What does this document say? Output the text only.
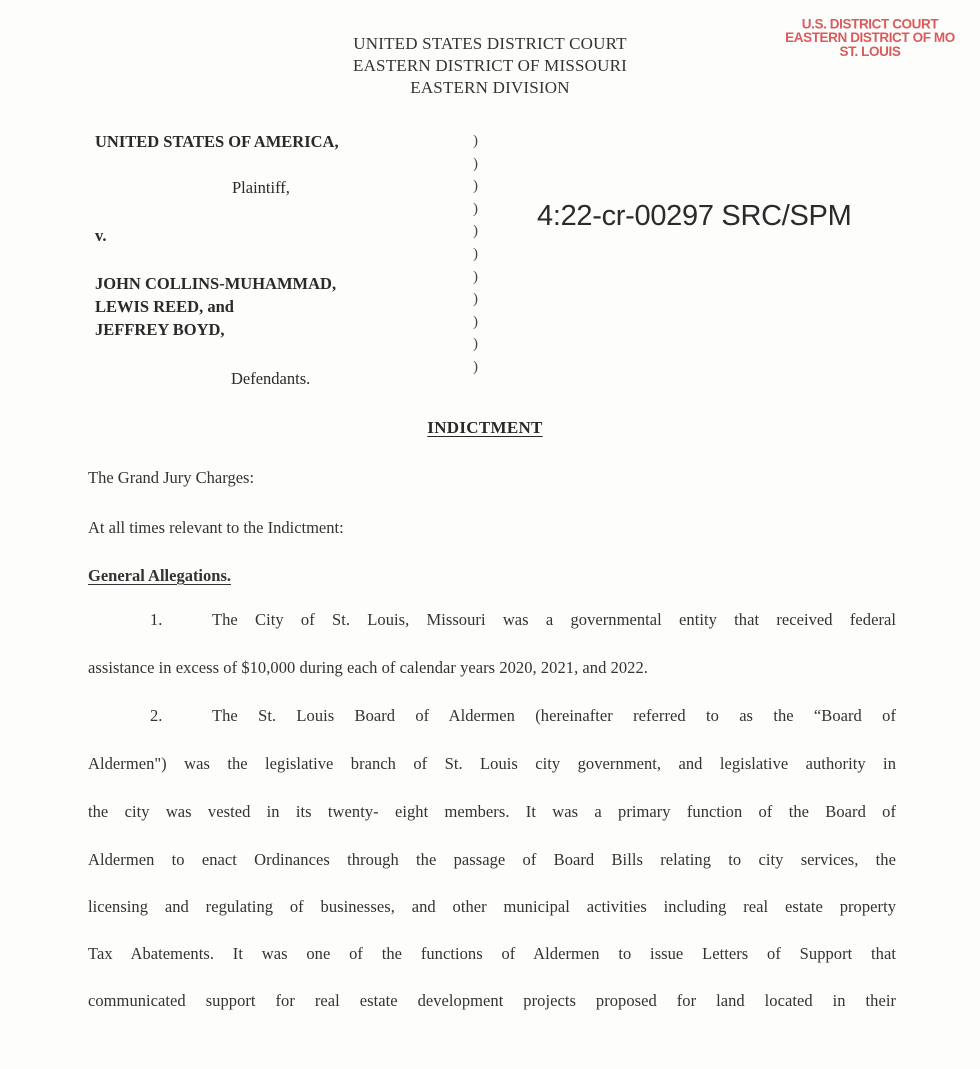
U.S. DISTRICT COURT
EASTERN DISTRICT OF MO
ST. LOUIS
UNITED STATES DISTRICT COURT
EASTERN DISTRICT OF MISSOURI
EASTERN DIVISION
UNITED STATES OF AMERICA,
Plaintiff,
v.
JOHN COLLINS-MUHAMMAD,
LEWIS REED, and
JEFFREY BOYD,
Defendants.
)
)
)
)
)
)
)
)
)
)
)
4:22-cr-00297 SRC/SPM
INDICTMENT
The Grand Jury Charges:
At all times relevant to the Indictment:
General Allegations.
1.	The City of St. Louis, Missouri was a governmental entity that received federal
assistance in excess of $10,000 during each of calendar years 2020, 2021, and 2022.
2.	The St. Louis Board of Aldermen (hereinafter referred to as the “Board of
Aldermen") was the legislative branch of St. Louis city government, and legislative authority in
the city was vested in its twenty- eight members. It was a primary function of the Board of
Aldermen to enact Ordinances through the passage of Board Bills relating to city services, the
licensing and regulating of businesses, and other municipal activities including real estate property
Tax Abatements. It was one of the functions of Aldermen to issue Letters of Support that
communicated support for real estate development projects proposed for land located in their
